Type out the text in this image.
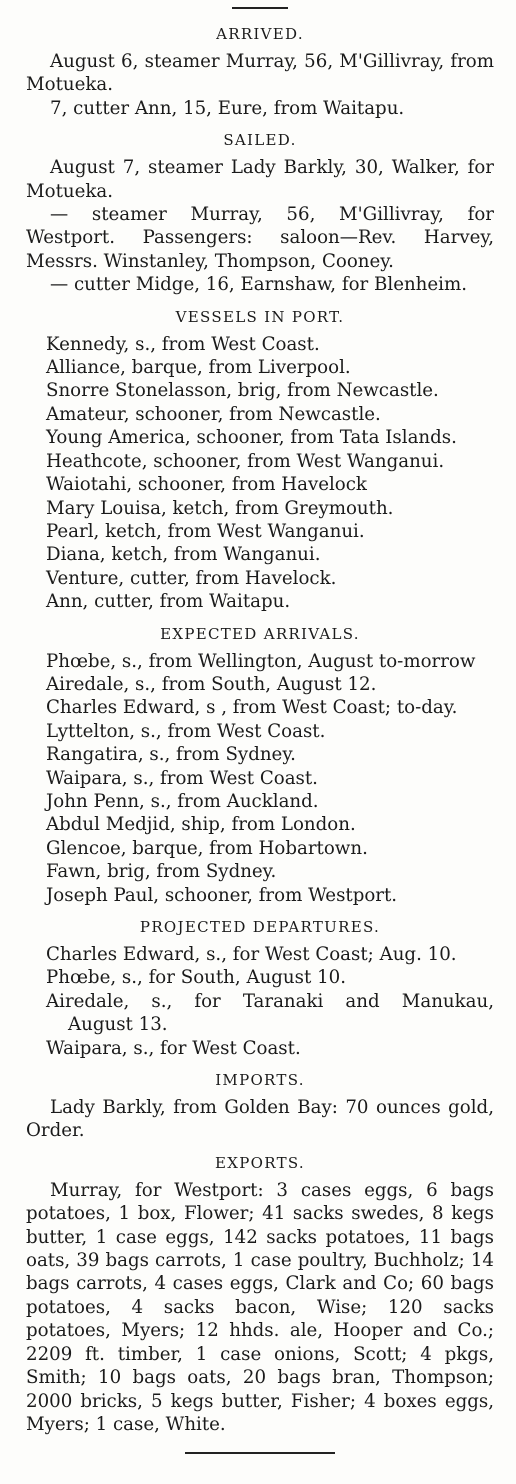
ARRIVED.

August 6, steamer Murray, 56, M'Gillivray, from Motueka.

7, cutter Ann, 15, Eure, from Waitapu.

SAILED.

August 7, steamer Lady Barkly, 30, Walker, for Motueka.

— steamer Murray, 56, M'Gillivray, for Westport. Passengers: saloon—Rev. Harvey, Messrs. Winstanley, Thompson, Cooney.

— cutter Midge, 16, Earnshaw, for Blenheim.

VESSELS IN PORT.
Kennedy, s., from West Coast.
Alliance, barque, from Liverpool.
Snorre Stonelasson, brig, from Newcastle.
Amateur, schooner, from Newcastle.
Young America, schooner, from Tata Islands.
Heathcote, schooner, from West Wanganui.
Waiotahi, schooner, from Havelock
Mary Louisa, ketch, from Greymouth.
Pearl, ketch, from West Wanganui.
Diana, ketch, from Wanganui.
Venture, cutter, from Havelock.
Ann, cutter, from Waitapu.
EXPECTED ARRIVALS.
Phœbe, s., from Wellington, August to-morrow
Airedale, s., from South, August 12.
Charles Edward, s , from West Coast; to-day.
Lyttelton, s., from West Coast.
Rangatira, s., from Sydney.
Waipara, s., from West Coast.
John Penn, s., from Auckland.
Abdul Medjid, ship, from London.
Glencoe, barque, from Hobartown.
Fawn, brig, from Sydney.
Joseph Paul, schooner, from Westport.
PROJECTED DEPARTURES.
Charles Edward, s., for West Coast; Aug. 10.
Phœbe, s., for South, August 10.
Airedale, s., for Taranaki and Manukau,
August 13.
Waipara, s., for West Coast.
IMPORTS.

Lady Barkly, from Golden Bay: 70 ounces gold, Order.

EXPORTS.

Murray, for Westport: 3 cases eggs, 6 bags potatoes, 1 box, Flower; 41 sacks swedes, 8 kegs butter, 1 case eggs, 142 sacks potatoes, 11 bags oats, 39 bags carrots, 1 case poultry, Buchholz; 14 bags carrots, 4 cases eggs, Clark and Co; 60 bags potatoes, 4 sacks bacon, Wise; 120 sacks potatoes, Myers; 12 hhds. ale, Hooper and Co.; 2209 ft. timber, 1 case onions, Scott; 4 pkgs, Smith; 10 bags oats, 20 bags bran, Thompson; 2000 bricks, 5 kegs butter, Fisher; 4 boxes eggs, Myers; 1 case, White.
